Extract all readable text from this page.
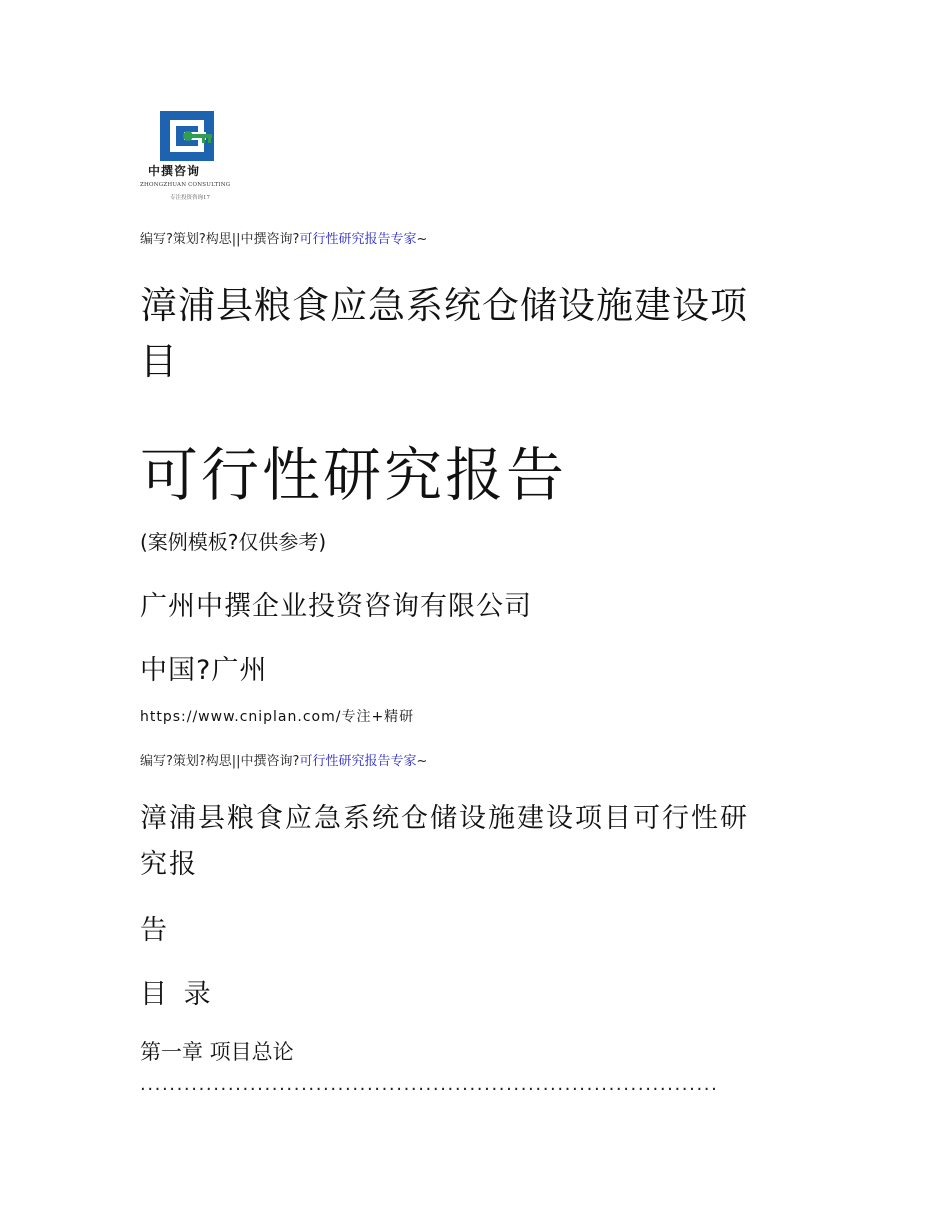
中撰咨询
ZHONGZHUAN CONSULTING
专注投资咨询17
编写?策划?构思||中撰咨询?可行性研究报告专家~
漳浦县粮食应急系统仓储设施建设项
目
可行性研究报告
(案例模板?仅供参考)
广州中撰企业投资咨询有限公司
中国?广州
https://www.cniplan.com/专注+精研
编写?策划?构思||中撰咨询?可行性研究报告专家~
漳浦县粮食应急系统仓储设施建设项目可行性研
究报
告
目 录
第一章 项目总论
...............................................................................
